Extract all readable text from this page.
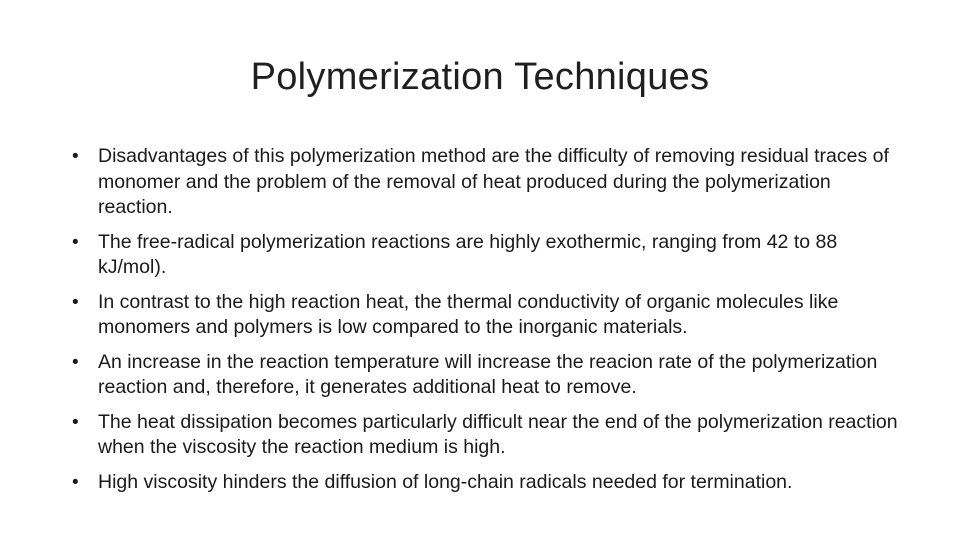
Polymerization Techniques
• Disadvantages of this polymerization method are the difficulty of removing residual traces of monomer and the problem of the removal of heat produced during the polymerization reaction.
• The free-radical polymerization reactions are highly exothermic, ranging from 42 to 88 kJ/mol).
• In contrast to the high reaction heat, the thermal conductivity of organic molecules like monomers and polymers is low compared to the inorganic materials.
• An increase in the reaction temperature will increase the reacion rate of the polymerization reaction and, therefore, it generates additional heat to remove.
• The heat dissipation becomes particularly difficult near the end of the polymerization reaction when the viscosity the reaction medium is high.
• High viscosity hinders the diffusion of long-chain radicals needed for termination.
